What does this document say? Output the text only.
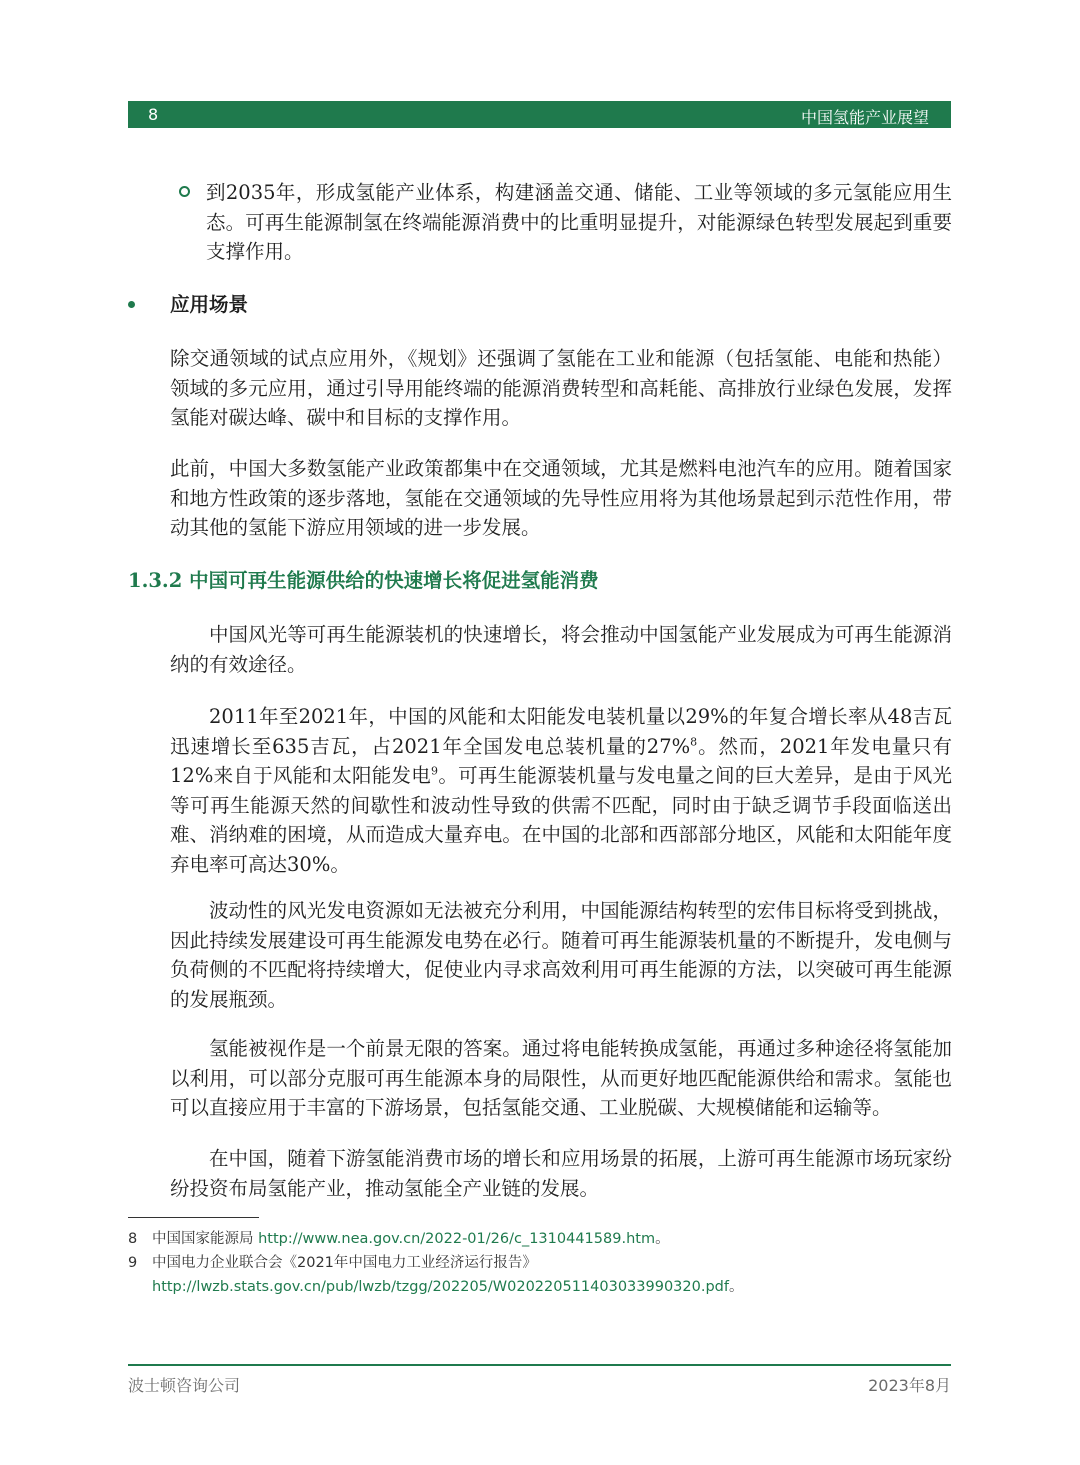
8	中国氢能产业展望
到2035年，形成氢能产业体系，构建涵盖交通、储能、工业等领域的多元氢能应用生态。可再生能源制氢在终端能源消费中的比重明显提升，对能源绿色转型发展起到重要支撑作用。
应用场景
除交通领域的试点应用外，《规划》还强调了氢能在工业和能源（包括氢能、电能和热能）领域的多元应用，通过引导用能终端的能源消费转型和高耗能、高排放行业绿色发展，发挥氢能对碳达峰、碳中和目标的支撑作用。
此前，中国大多数氢能产业政策都集中在交通领域，尤其是燃料电池汽车的应用。随着国家和地方性政策的逐步落地，氢能在交通领域的先导性应用将为其他场景起到示范性作用，带动其他的氢能下游应用领域的进一步发展。
1.3.2 中国可再生能源供给的快速增长将促进氢能消费
中国风光等可再生能源装机的快速增长，将会推动中国氢能产业发展成为可再生能源消纳的有效途径。
2011年至2021年，中国的风能和太阳能发电装机量以29%的年复合增长率从48吉瓦迅速增长至635吉瓦，占2021年全国发电总装机量的27%$^8$。然而，2021年发电量只有12%来自于风能和太阳能发电$^9$。可再生能源装机量与发电量之间的巨大差异，是由于风光等可再生能源天然的间歇性和波动性导致的供需不匹配，同时由于缺乏调节手段面临送出难、消纳难的困境，从而造成大量弃电。在中国的北部和西部部分地区，风能和太阳能年度弃电率可高达30%。
波动性的风光发电资源如无法被充分利用，中国能源结构转型的宏伟目标将受到挑战，因此持续发展建设可再生能源发电势在必行。随着可再生能源装机量的不断提升，发电侧与负荷侧的不匹配将持续增大，促使业内寻求高效利用可再生能源的方法，以突破可再生能源的发展瓶颈。
氢能被视作是一个前景无限的答案。通过将电能转换成氢能，再通过多种途径将氢能加以利用，可以部分克服可再生能源本身的局限性，从而更好地匹配能源供给和需求。氢能也可以直接应用于丰富的下游场景，包括氢能交通、工业脱碳、大规模储能和运输等。
在中国，随着下游氢能消费市场的增长和应用场景的拓展，上游可再生能源市场玩家纷纷投资布局氢能产业，推动氢能全产业链的发展。
8 中国国家能源局 http://www.nea.gov.cn/2022-01/26/c_1310441589.htm。
9 中国电力企业联合会《2021年中国电力工业经济运行报告》 http://lwzb.stats.gov.cn/pub/lwzb/tzgg/202205/W020220511403033990320.pdf。
波士顿咨询公司	2023年8月
